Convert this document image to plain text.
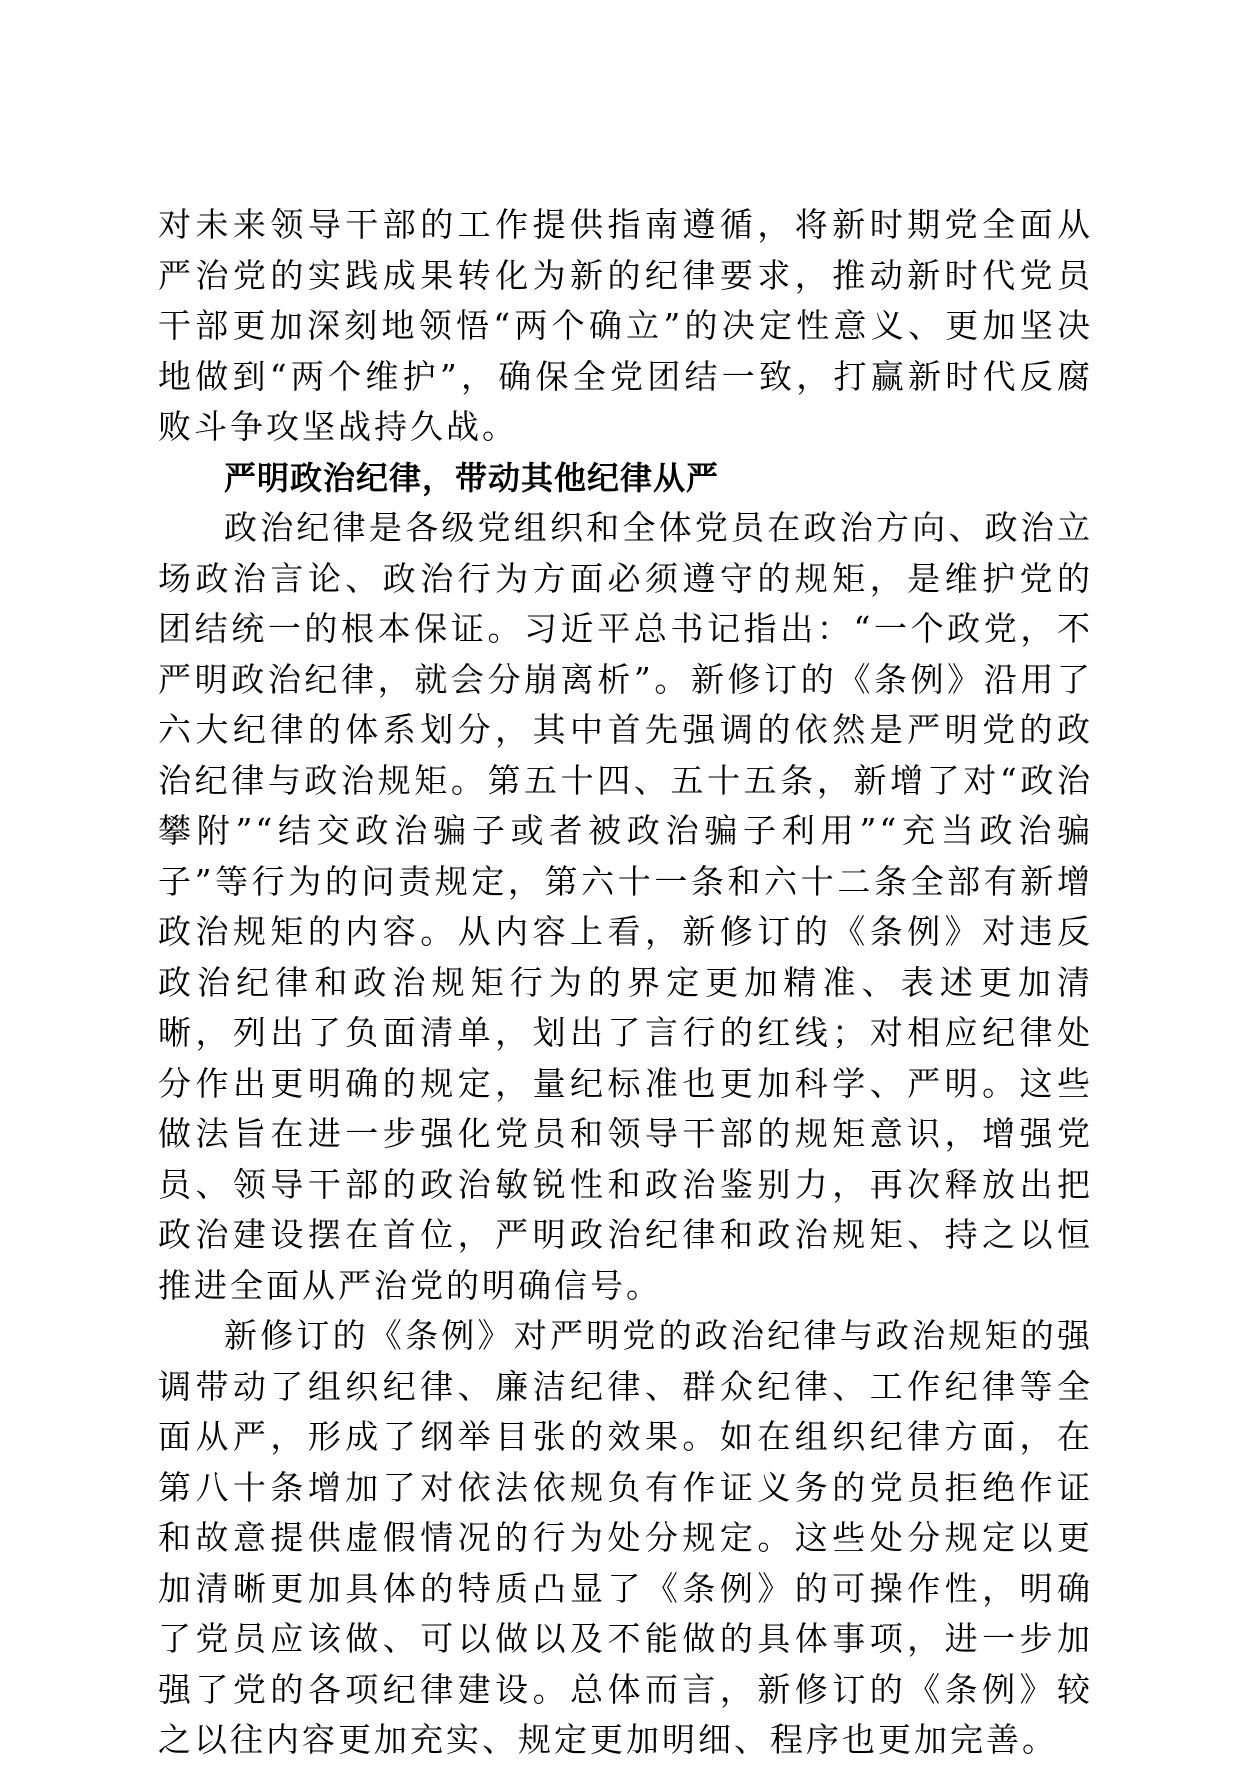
对未来领导干部的工作提供指南遵循，将新时期党全面从严治党的实践成果转化为新的纪律要求，推动新时代党员干部更加深刻地领悟“两个确立”的决定性意义、更加坚决地做到“两个维护”，确保全党团结一致，打赢新时代反腐败斗争攻坚战持久战。

严明政治纪律，带动其他纪律从严

政治纪律是各级党组织和全体党员在政治方向、政治立场政治言论、政治行为方面必须遵守的规矩，是维护党的团结统一的根本保证。习近平总书记指出：“一个政党，不严明政治纪律，就会分崩离析”。新修订的《条例》沿用了六大纪律的体系划分，其中首先强调的依然是严明党的政治纪律与政治规矩。第五十四、五十五条，新增了对“政治攀附”“结交政治骗子或者被政治骗子利用”“充当政治骗子”等行为的问责规定，第六十一条和六十二条全部有新增政治规矩的内容。从内容上看，新修订的《条例》对违反政治纪律和政治规矩行为的界定更加精准、表述更加清晰，列出了负面清单，划出了言行的红线；对相应纪律处分作出更明确的规定，量纪标准也更加科学、严明。这些做法旨在进一步强化党员和领导干部的规矩意识，增强党员、领导干部的政治敏锐性和政治鉴别力，再次释放出把政治建设摆在首位，严明政治纪律和政治规矩、持之以恒推进全面从严治党的明确信号。

新修订的《条例》对严明党的政治纪律与政治规矩的强调带动了组织纪律、廉洁纪律、群众纪律、工作纪律等全面从严，形成了纲举目张的效果。如在组织纪律方面，在第八十条增加了对依法依规负有作证义务的党员拒绝作证和故意提供虚假情况的行为处分规定。这些处分规定以更加清晰更加具体的特质凸显了《条例》的可操作性，明确了党员应该做、可以做以及不能做的具体事项，进一步加强了党的各项纪律建设。总体而言，新修订的《条例》较之以往内容更加充实、规定更加明细、程序也更加完善。
